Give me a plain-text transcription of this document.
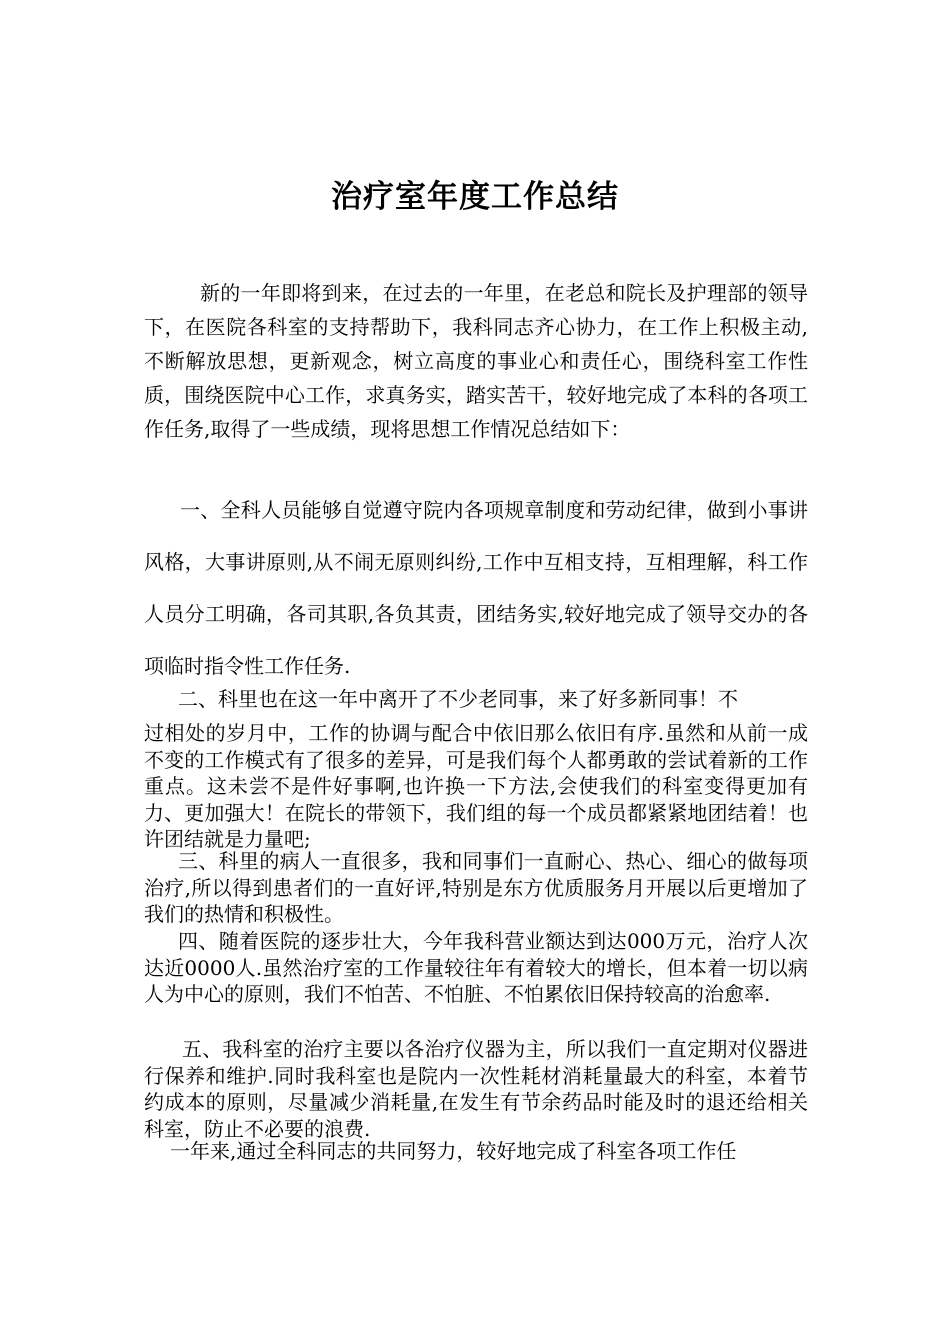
治疗室年度工作总结

新的一年即将到来，在过去的一年里，在老总和院长及护理部的领导下，在医院各科室的支持帮助下，我科同志齐心协力，在工作上积极主动,不断解放思想，更新观念，树立高度的事业心和责任心，围绕科室工作性质，围绕医院中心工作，求真务实，踏实苦干，较好地完成了本科的各项工作任务,取得了一些成绩，现将思想工作情况总结如下：

一、全科人员能够自觉遵守院内各项规章制度和劳动纪律，做到小事讲风格，大事讲原则,从不闹无原则纠纷,工作中互相支持，互相理解，科工作人员分工明确，各司其职,各负其责，团结务实,较好地完成了领导交办的各项临时指令性工作任务.

二、科里也在这一年中离开了不少老同事，来了好多新同事！不

过相处的岁月中，工作的协调与配合中依旧那么依旧有序.虽然和从前一成不变的工作模式有了很多的差异，可是我们每个人都勇敢的尝试着新的工作重点。这未尝不是件好事啊,也许换一下方法,会使我们的科室变得更加有力、更加强大！在院长的带领下，我们组的每一个成员都紧紧地团结着！也许团结就是力量吧;

三、科里的病人一直很多，我和同事们一直耐心、热心、细心的做每项治疗,所以得到患者们的一直好评,特别是东方优质服务月开展以后更增加了我们的热情和积极性。

四、随着医院的逐步壮大，今年我科营业额达到达000万元，治疗人次达近0000人.虽然治疗室的工作量较往年有着较大的增长，但本着一切以病人为中心的原则，我们不怕苦、不怕脏、不怕累依旧保持较高的治愈率.

五、我科室的治疗主要以各治疗仪器为主，所以我们一直定期对仪器进行保养和维护.同时我科室也是院内一次性耗材消耗量最大的科室，本着节约成本的原则，尽量减少消耗量,在发生有节余药品时能及时的退还给相关科室，防止不必要的浪费.

一年来,通过全科同志的共同努力，较好地完成了科室各项工作任
